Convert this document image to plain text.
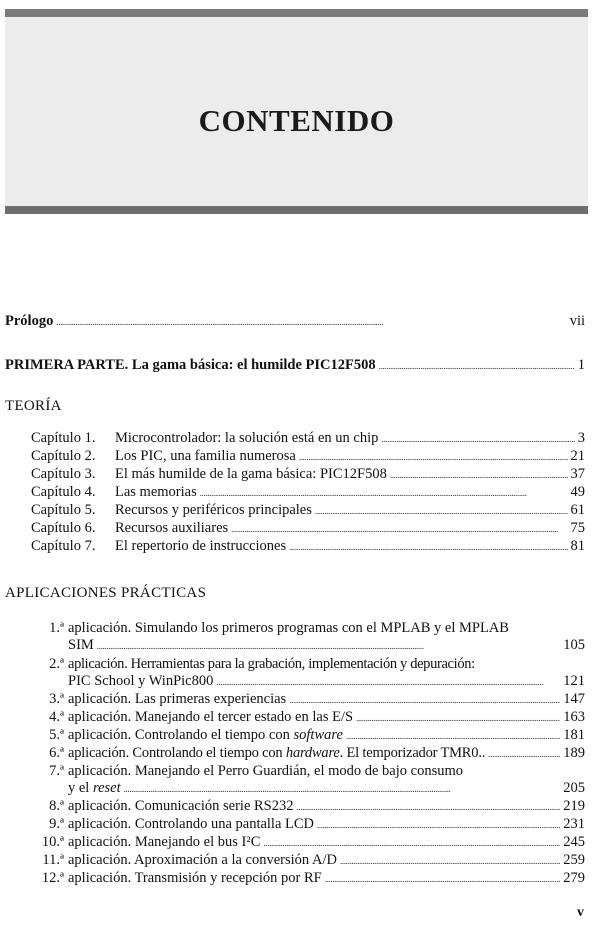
CONTENIDO
Prólogo . . .	vii
PRIMERA PARTE. La gama básica: el humilde PIC12F508 . . .	1
TEORÍA
Capítulo 1.	Microcontrolador: la solución está en un chip . . .	3
Capítulo 2.	Los PIC, una familia numerosa . . .	21
Capítulo 3.	El más humilde de la gama básica: PIC12F508 . . .	37
Capítulo 4.	Las memorias . . .	49
Capítulo 5.	Recursos y periféricos principales . . .	61
Capítulo 6.	Recursos auxiliares . . .	75
Capítulo 7.	El repertorio de instrucciones . . .	81
APLICACIONES PRÁCTICAS
1.ª aplicación. Simulando los primeros programas con el MPLAB y el MPLAB
SIM . . .	105
2.ª aplicación. Herramientas para la grabación, implementación y depuración:
PIC School y WinPic800 . . .	121
3.ª aplicación. Las primeras experiencias . . .	147
4.ª aplicación. Manejando el tercer estado en las E/S . . .	163
5.ª aplicación. Controlando el tiempo con software . . .	181
6.ª aplicación. Controlando el tiempo con hardware. El temporizador TMR0.. . . .	189
7.ª aplicación. Manejando el Perro Guardián, el modo de bajo consumo
y el reset . . .	205
8.ª aplicación. Comunicación serie RS232 . . .	219
9.ª aplicación. Controlando una pantalla LCD . . .	231
10.ª aplicación. Manejando el bus I²C . . .	245
11.ª aplicación. Aproximación a la conversión A/D . . .	259
12.ª aplicación. Transmisión y recepción por RF . . .	279
v
